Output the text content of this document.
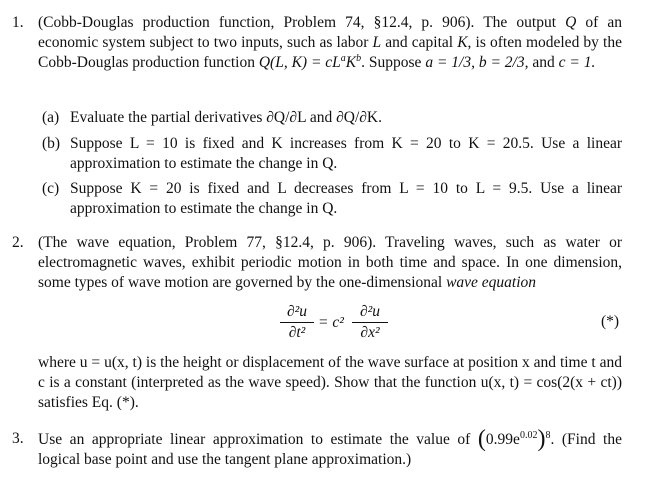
1. (Cobb-Douglas production function, Problem 74, §12.4, p. 906). The output Q of an economic system subject to two inputs, such as labor L and capital K, is often modeled by the Cobb-Douglas production function Q(L, $K) = cL^aK^b$. Suppose a = 1/3, b = 2/3, and c = 1.
(a) Evaluate the partial derivatives ∂Q/∂L and ∂Q/∂K.
(b) Suppose L = 10 is fixed and K increases from K = 20 to K = 20.5. Use a linear approximation to estimate the change in Q.
(c) Suppose K = 20 is fixed and L decreases from L = 10 to L = 9.5. Use a linear approximation to estimate the change in Q.
2. (The wave equation, Problem 77, §12.4, p. 906). Traveling waves, such as water or electromagnetic waves, exhibit periodic motion in both time and space. In one dimension, some types of wave motion are governed by the one-dimensional wave equation
∂²u
∂t²
= c²
∂²u
∂x²
(*)
where u = u(x, t) is the height or displacement of the wave surface at position x and time t and c is a constant (interpreted as the wave speed). Show that the function u(x, t) = cos(2(x + ct)) satisfies Eq. (*).
3. Use an appropriate linear approximation to estimate the value of $(0.99e^{0.02})^8$. (Find the logical base point and use the tangent plane approximation.)
